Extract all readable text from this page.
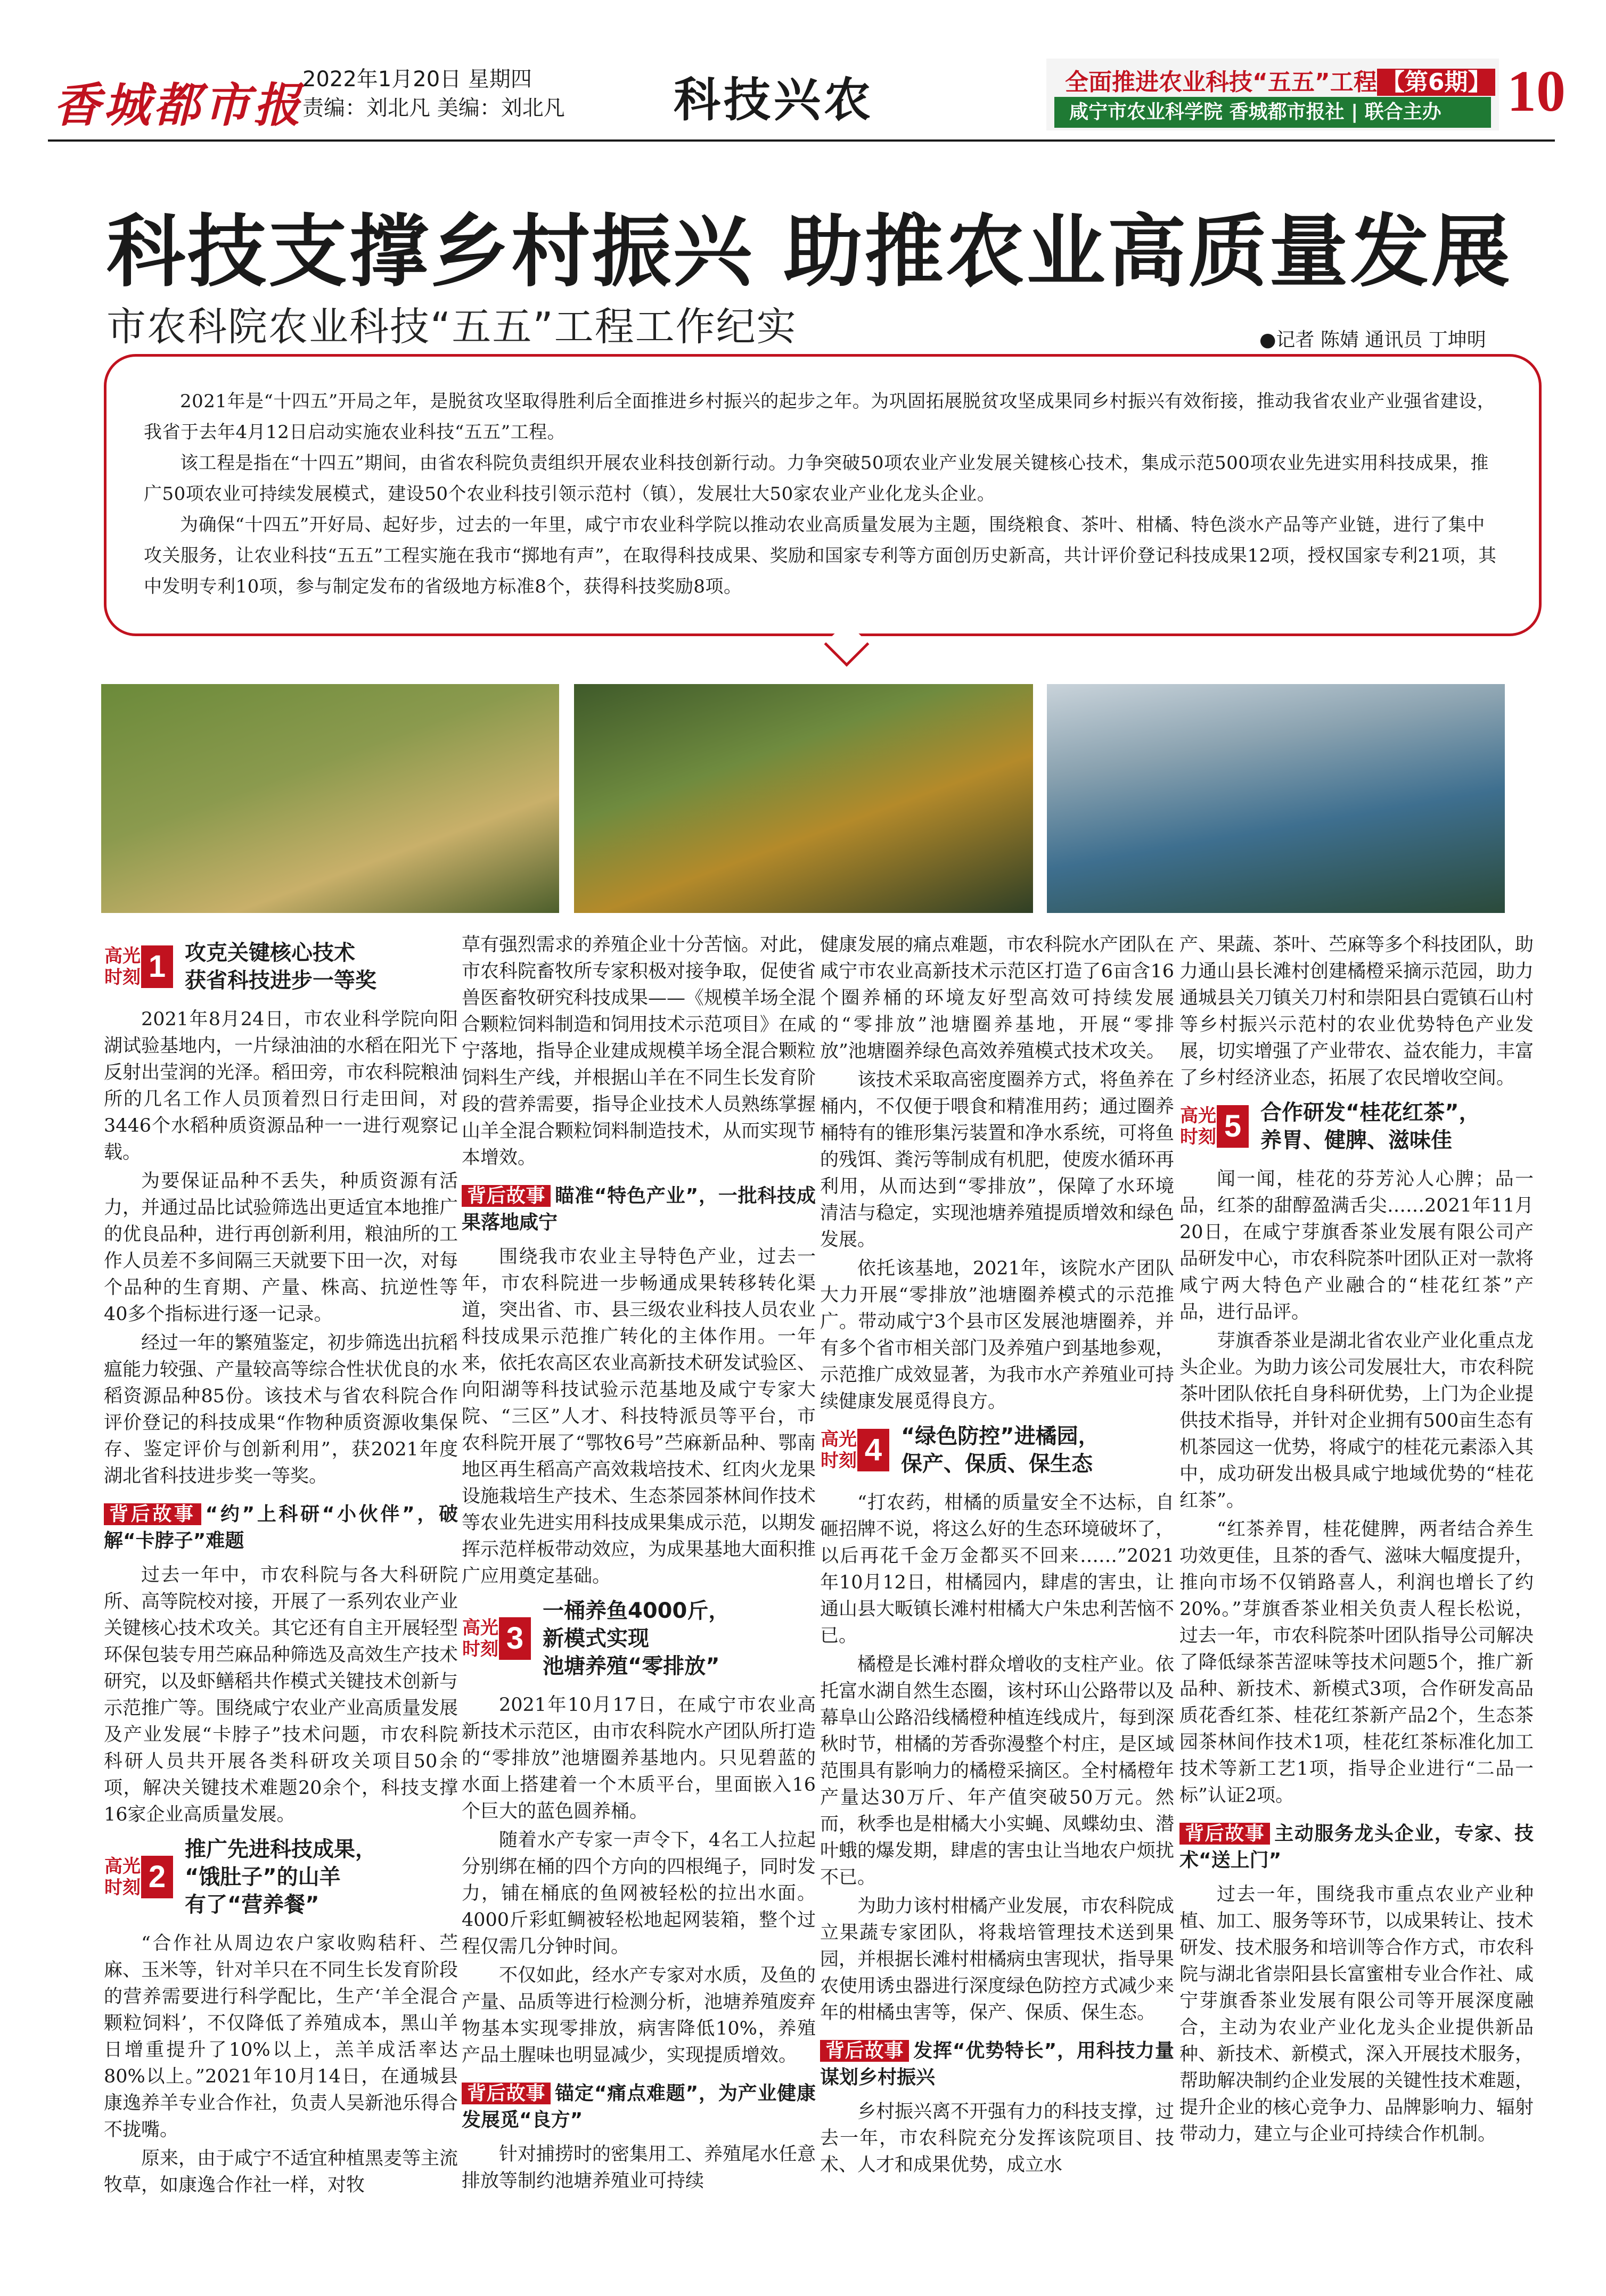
香城都市报
2022年1月20日 星期四
责编：刘北凡 美编：刘北凡 科技兴农	全面推进农业科技“五五”工程 【第6期】
咸宁市农业科学院 香城都市报社 | 联合主办	10
科技支撑乡村振兴 助推农业高质量发展
市农科院农业科技“五五”工程工作纪实	●记者 陈婧 通讯员 丁坤明

2021年是“十四五”开局之年，是脱贫攻坚取得胜利后全面推进乡村振兴的起步之年。为巩固拓展脱贫攻坚成果同乡村振兴有效衔接，推动我省农业产业强省建设，我省于去年4月12日启动实施农业科技“五五”工程。

该工程是指在“十四五”期间，由省农科院负责组织开展农业科技创新行动。力争突破50项农业产业发展关键核心技术，集成示范500项农业先进实用科技成果，推广50项农业可持续发展模式，建设50个农业科技引领示范村（镇），发展壮大50家农业产业化龙头企业。

为确保“十四五”开好局、起好步，过去的一年里，咸宁市农业科学院以推动农业高质量发展为主题，围绕粮食、茶叶、柑橘、特色淡水产品等产业链，进行了集中攻关服务，让农业科技“五五”工程实施在我市“掷地有声”，在取得科技成果、奖励和国家专利等方面创历史新高，共计评价登记科技成果12项，授权国家专利21项，其中发明专利10项，参与制定发布的省级地方标准8个，获得科技奖励8项。

高光
时刻 1 攻克关键核心技术
获省科技进步一等奖

2021年8月24日，市农业科学院向阳湖试验基地内，一片绿油油的水稻在阳光下反射出莹润的光泽。稻田旁，市农科院粮油所的几名工作人员顶着烈日行走田间，对3446个水稻种质资源品种一一进行观察记载。

为要保证品种不丢失，种质资源有活力，并通过品比试验筛选出更适宜本地推广的优良品种，进行再创新利用，粮油所的工作人员差不多间隔三天就要下田一次，对每个品种的生育期、产量、株高、抗逆性等40多个指标进行逐一记录。

经过一年的繁殖鉴定，初步筛选出抗稻瘟能力较强、产量较高等综合性状优良的水稻资源品种85份。该技术与省农科院合作评价登记的科技成果“作物种质资源收集保存、鉴定评价与创新利用”，获2021年度湖北省科技进步奖一等奖。

背后故事 “约”上科研“小伙伴”，破解“卡脖子”难题

过去一年中，市农科院与各大科研院所、高等院校对接，开展了一系列农业产业关键核心技术攻关。其它还有自主开展轻型环保包装专用苎麻品种筛选及高效生产技术研究，以及虾鳝稻共作模式关键技术创新与示范推广等。围绕咸宁农业产业高质量发展及产业发展“卡脖子”技术问题，市农科院科研人员共开展各类科研攻关项目50余项，解决关键技术难题20余个，科技支撑16家企业高质量发展。

高光
时刻 2
推广先进科技成果，
“饿肚子”的山羊
有了“营养餐”

“合作社从周边农户家收购秸秆、苎麻、玉米等，针对羊只在不同生长发育阶段的营养需要进行科学配比，生产‘羊全混合颗粒饲料’，不仅降低了养殖成本，黑山羊日增重提升了10%以上，羔羊成活率达80%以上。”2021年10月14日，在通城县康逸养羊专业合作社，负责人吴新池乐得合不拢嘴。

原来，由于咸宁不适宜种植黑麦等主流牧草，如康逸合作社一样，对牧

草有强烈需求的养殖企业十分苦恼。对此，市农科院畜牧所专家积极对接争取，促使省兽医畜牧研究科技成果——《规模羊场全混合颗粒饲料制造和饲用技术示范项目》在咸宁落地，指导企业建成规模羊场全混合颗粒饲料生产线，并根据山羊在不同生长发育阶段的营养需要，指导企业技术人员熟练掌握山羊全混合颗粒饲料制造技术，从而实现节本增效。

背后故事 瞄准“特色产业”，一批科技成果落地咸宁

围绕我市农业主导特色产业，过去一年，市农科院进一步畅通成果转移转化渠道，突出省、市、县三级农业科技人员农业科技成果示范推广转化的主体作用。一年来，依托农高区农业高新技术研发试验区、向阳湖等科技试验示范基地及咸宁专家大院、“三区”人才、科技特派员等平台，市农科院开展了“鄂牧6号”苎麻新品种、鄂南地区再生稻高产高效栽培技术、红肉火龙果设施栽培生产技术、生态茶园茶林间作技术等农业先进实用科技成果集成示范，以期发挥示范样板带动效应，为成果基地大面积推广应用奠定基础。

高光
时刻 3
一桶养鱼4000斤，
新模式实现
池塘养殖“零排放”

2021年10月17日，在咸宁市农业高新技术示范区，由市农科院水产团队所打造的“零排放”池塘圈养基地内。只见碧蓝的水面上搭建着一个木质平台，里面嵌入16个巨大的蓝色圆养桶。

随着水产专家一声令下，4名工人拉起分别绑在桶的四个方向的四根绳子，同时发力，铺在桶底的鱼网被轻松的拉出水面。4000斤彩虹鲷被轻松地起网装箱，整个过程仅需几分钟时间。

不仅如此，经水产专家对水质，及鱼的产量、品质等进行检测分析，池塘养殖废弃物基本实现零排放，病害降低10%，养殖产品土腥味也明显减少，实现提质增效。

背后故事 锚定“痛点难题”，为产业健康发展觅“良方”

针对捕捞时的密集用工、养殖尾水任意排放等制约池塘养殖业可持续

健康发展的痛点难题，市农科院水产团队在咸宁市农业高新技术示范区打造了6亩含16个圈养桶的环境友好型高效可持续发展的“零排放”池塘圈养基地，开展“零排放”池塘圈养绿色高效养殖模式技术攻关。

该技术采取高密度圈养方式，将鱼养在桶内，不仅便于喂食和精准用药；通过圈养桶特有的锥形集污装置和净水系统，可将鱼的残饵、粪污等制成有机肥，使废水循环再利用，从而达到“零排放”，保障了水环境清洁与稳定，实现池塘养殖提质增效和绿色发展。

依托该基地，2021年，该院水产团队大力开展“零排放”池塘圈养模式的示范推广。带动咸宁3个县市区发展池塘圈养，并有多个省市相关部门及养殖户到基地参观，示范推广成效显著，为我市水产养殖业可持续健康发展觅得良方。

高光
时刻 4 “绿色防控”进橘园，
保产、保质、保生态

“打农药，柑橘的质量安全不达标，自砸招牌不说，将这么好的生态环境破坏了，以后再花千金万金都买不回来……”2021年10月12日，柑橘园内，肆虐的害虫，让通山县大畈镇长滩村柑橘大户朱忠利苦恼不已。

橘橙是长滩村群众增收的支柱产业。依托富水湖自然生态圈，该村环山公路带以及幕阜山公路沿线橘橙种植连线成片，每到深秋时节，柑橘的芳香弥漫整个村庄，是区域范围具有影响力的橘橙采摘区。全村橘橙年产量达30万斤、年产值突破50万元。然而，秋季也是柑橘大小实蝇、凤蝶幼虫、潜叶蛾的爆发期，肆虐的害虫让当地农户烦扰不已。

为助力该村柑橘产业发展，市农科院成立果蔬专家团队，将栽培管理技术送到果园，并根据长滩村柑橘病虫害现状，指导果农使用诱虫器进行深度绿色防控方式减少来年的柑橘虫害等，保产、保质、保生态。

背后故事 发挥“优势特长”，用科技力量谋划乡村振兴

乡村振兴离不开强有力的科技支撑，过去一年，市农科院充分发挥该院项目、技术、人才和成果优势，成立水

产、果蔬、茶叶、苎麻等多个科技团队，助力通山县长滩村创建橘橙采摘示范园，助力通城县关刀镇关刀村和崇阳县白霓镇石山村等乡村振兴示范村的农业优势特色产业发展，切实增强了产业带农、益农能力，丰富了乡村经济业态，拓展了农民增收空间。

高光
时刻 5 合作研发“桂花红茶”，
养胃、健脾、滋味佳

闻一闻，桂花的芬芳沁人心脾；品一品，红茶的甜醇盈满舌尖……2021年11月20日，在咸宁芽旗香茶业发展有限公司产品研发中心，市农科院茶叶团队正对一款将咸宁两大特色产业融合的“桂花红茶”产品，进行品评。

芽旗香茶业是湖北省农业产业化重点龙头企业。为助力该公司发展壮大，市农科院茶叶团队依托自身科研优势，上门为企业提供技术指导，并针对企业拥有500亩生态有机茶园这一优势，将咸宁的桂花元素添入其中，成功研发出极具咸宁地域优势的“桂花红茶”。

“红茶养胃，桂花健脾，两者结合养生功效更佳，且茶的香气、滋味大幅度提升，推向市场不仅销路喜人，利润也增长了约20%。”芽旗香茶业相关负责人程长松说，过去一年，市农科院茶叶团队指导公司解决了降低绿茶苦涩味等技术问题5个，推广新品种、新技术、新模式3项，合作研发高品质花香红茶、桂花红茶新产品2个，生态茶园茶林间作技术1项，桂花红茶标准化加工技术等新工艺1项，指导企业进行“二品一标”认证2项。

背后故事 主动服务龙头企业，专家、技术“送上门”

过去一年，围绕我市重点农业产业种植、加工、服务等环节，以成果转让、技术研发、技术服务和培训等合作方式，市农科院与湖北省崇阳县长富蜜柑专业合作社、咸宁芽旗香茶业发展有限公司等开展深度融合，主动为农业产业化龙头企业提供新品种、新技术、新模式，深入开展技术服务，帮助解决制约企业发展的关键性技术难题，提升企业的核心竞争力、品牌影响力、辐射带动力，建立与企业可持续合作机制。
